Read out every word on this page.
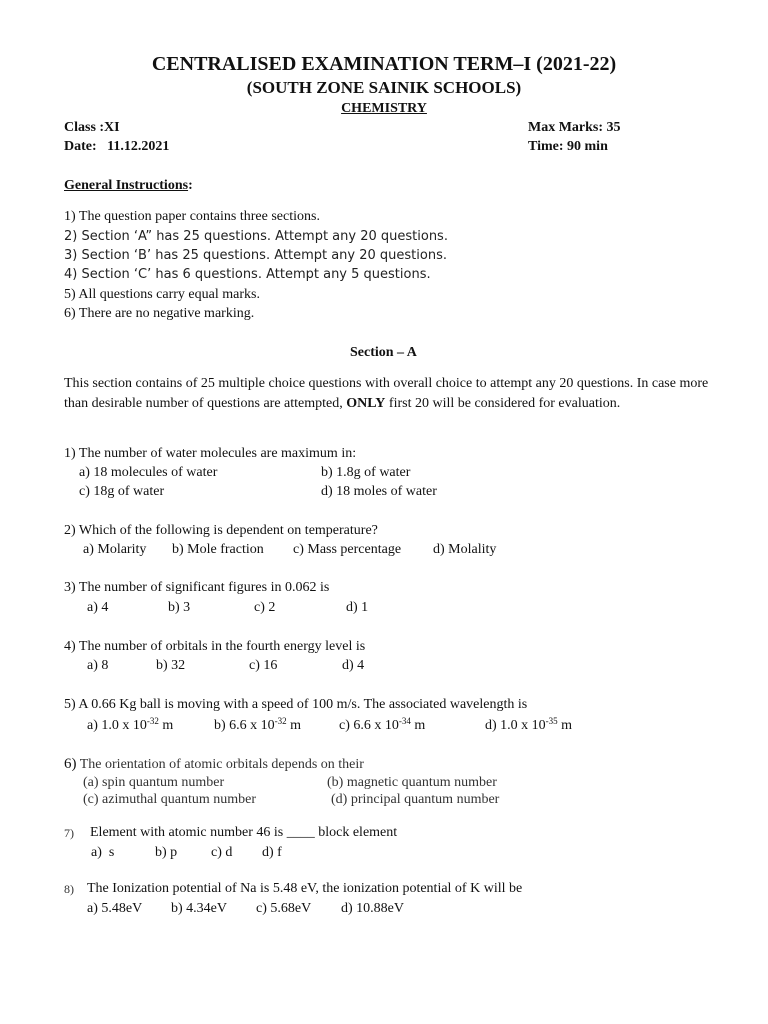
CENTRALISED EXAMINATION TERM–I (2021-22)
(SOUTH ZONE SAINIK SCHOOLS)
CHEMISTRY
Class :XI	Max Marks: 35
Date:   11.12.2021	Time: 90 min
General Instructions:
1) The question paper contains three sections.
2) Section ‘A” has 25 questions. Attempt any 20 questions.
3) Section ‘B’ has 25 questions. Attempt any 20 questions.
4) Section ‘C’ has 6 questions. Attempt any 5 questions.
5) All questions carry equal marks.
6) There are no negative marking.
Section – A
This section contains of 25 multiple choice questions with overall choice to attempt any 20 questions. In case more than desirable number of questions are attempted, ONLY first 20 will be considered for evaluation.
1) The number of water molecules are maximum in:
a) 18 molecules of water	b) 1.8g of water
c) 18g of water	d) 18 moles of water
2) Which of the following is dependent on temperature?
a) Molarity b) Mole fraction c) Mass percentage d) Molality
3) The number of significant figures in 0.062 is
a) 4	b) 3	c) 2	d) 1
4) The number of orbitals in the fourth energy level is
a) 8	b) 32	c) 16	d) 4
5) A 0.66 Kg ball is moving with a speed of 100 m/s. The associated wavelength is
a) 1.0 x $10^{-32}$ m	b) 6.6 x $10^{-32}$ m	c) 6.6 x $10^{-34}$ m	d) 1.0 x $10^{-35}$ m
6) The orientation of atomic orbitals depends on their
(a) spin quantum number	(b) magnetic quantum number
(c) azimuthal quantum number	(d) principal quantum number
7) Element with atomic number 46 is ____ block element
a)  s	b) p c) d d) f
8) The Ionization potential of Na is 5.48 eV, the ionization potential of K will be
a) 5.48eV b) 4.34eV c) 5.68eV d) 10.88eV
